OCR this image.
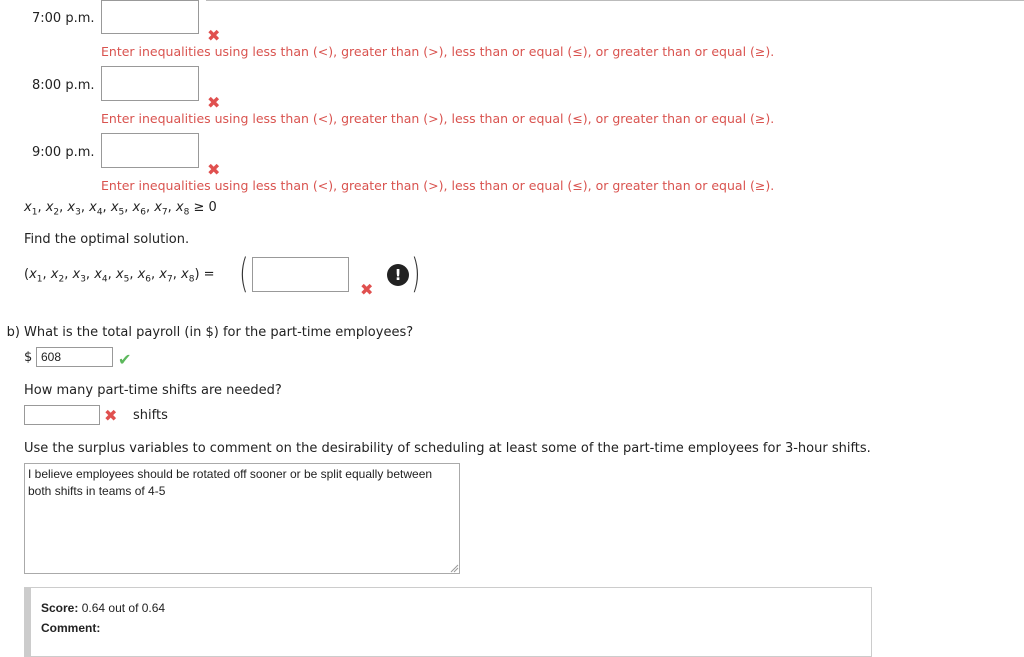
7:00 p.m.
✖
Enter inequalities using less than (<), greater than (>), less than or equal (≤), or greater than or equal (≥).
8:00 p.m.
✖
Enter inequalities using less than (<), greater than (>), less than or equal (≤), or greater than or equal (≥).
9:00 p.m.
✖
Enter inequalities using less than (<), greater than (>), less than or equal (≤), or greater than or equal (≥).
$x_1$, $x_2$, $x_3$, $x_4$, $x_5$, $x_6$, $x_7$, $x_8 \ge 0$
Find the optimal solution.
($x_1$, $x_2$, $x_3$, $x_4$, $x_5$, $x_6$, $x_7$, $x_8$) = (	✖
! )
b) What is the total payroll (in $) for the part-time employees?
$
608	✔
How many part-time shifts are needed?
✖ shifts
Use the surplus variables to comment on the desirability of scheduling at least some of the part-time employees for 3-hour shifts.
I believe employees should be rotated off sooner or be split equally between both shifts in teams of 4-5
Score: 0.64 out of 0.64
Comment:
